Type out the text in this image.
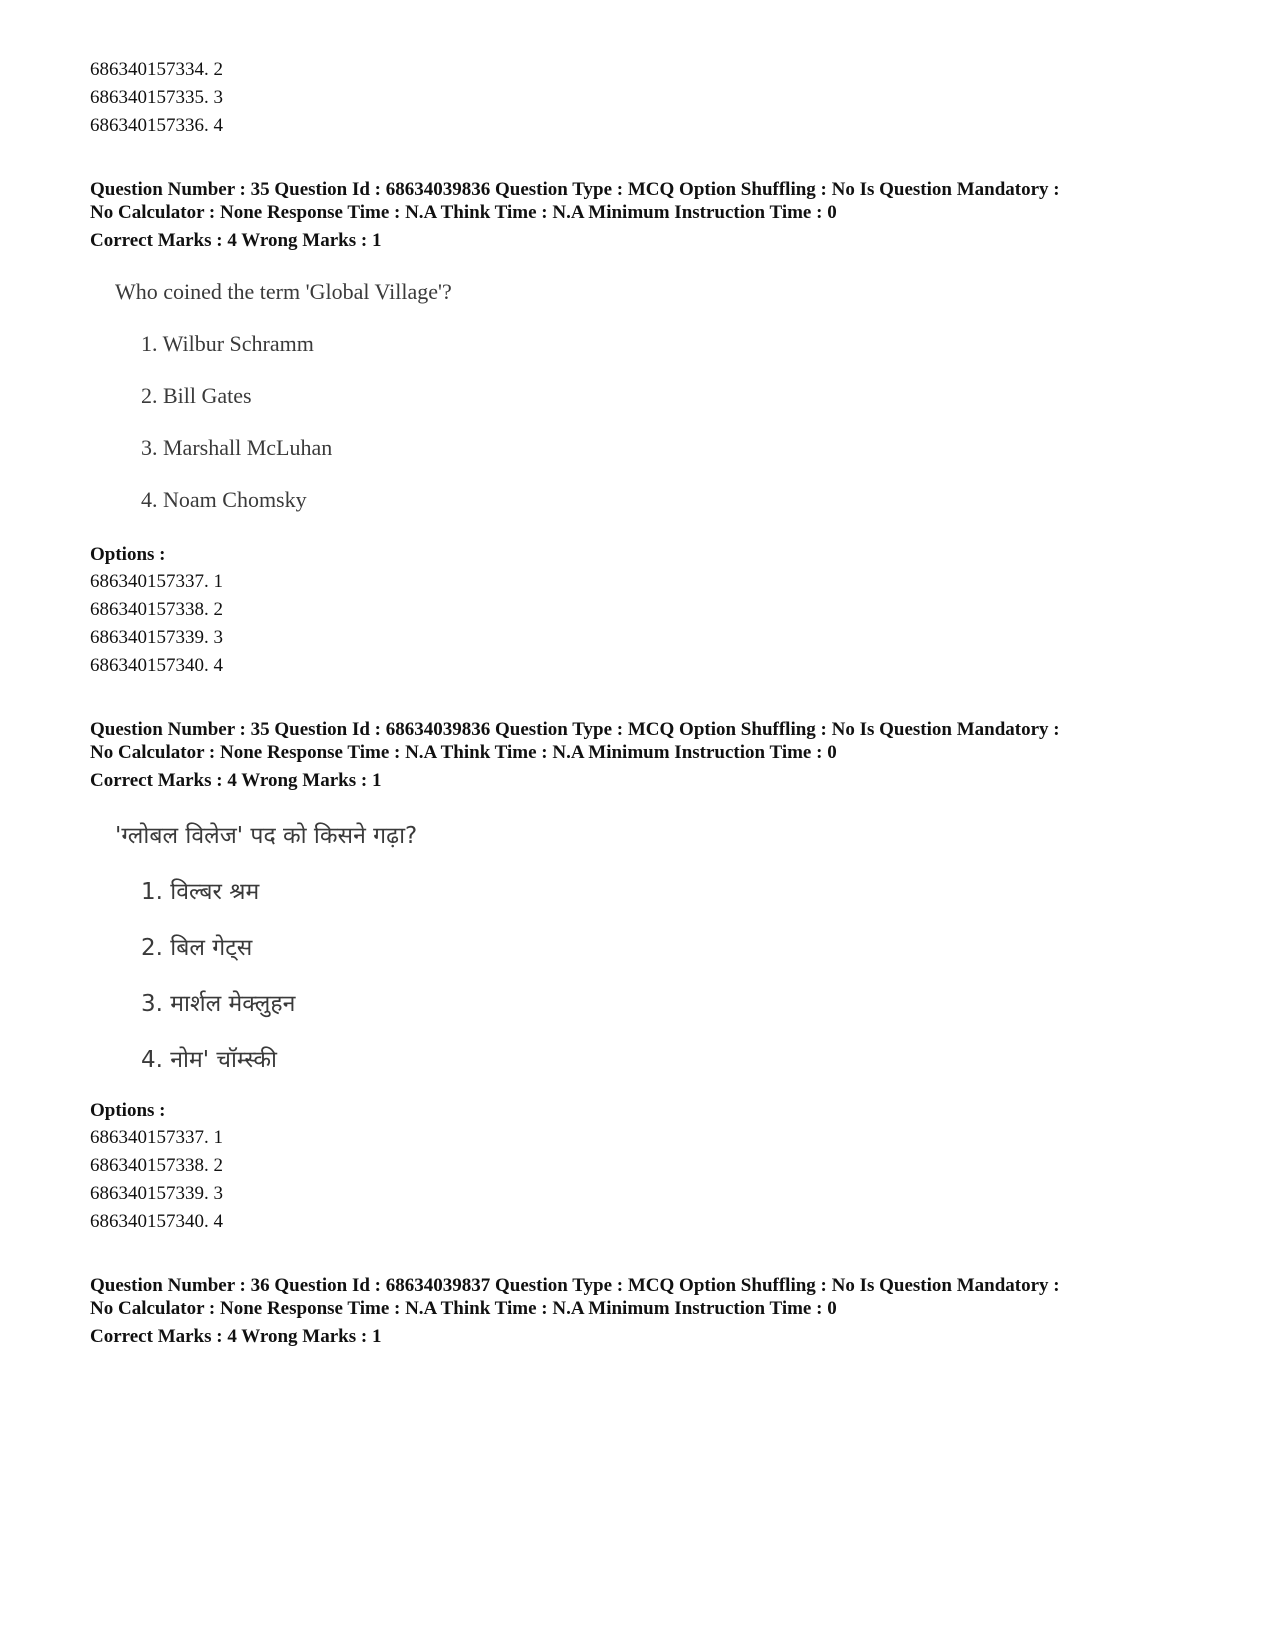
686340157334. 2
686340157335. 3
686340157336. 4
Question Number : 35 Question Id : 68634039836 Question Type : MCQ Option Shuffling : No Is Question Mandatory :
No Calculator : None Response Time : N.A Think Time : N.A Minimum Instruction Time : 0
Correct Marks : 4 Wrong Marks : 1
Who coined the term 'Global Village'?
1. Wilbur Schramm
2. Bill Gates
3. Marshall McLuhan
4. Noam Chomsky
Options :
686340157337. 1
686340157338. 2
686340157339. 3
686340157340. 4
Question Number : 35 Question Id : 68634039836 Question Type : MCQ Option Shuffling : No Is Question Mandatory :
No Calculator : None Response Time : N.A Think Time : N.A Minimum Instruction Time : 0
Correct Marks : 4 Wrong Marks : 1
'ग्लोबल विलेज' पद को किसने गढ़ा?
1. विल्बर श्रम
2. बिल गेट्स
3. मार्शल मेक्लुहन
4. नोम' चॉम्स्की
Options :
686340157337. 1
686340157338. 2
686340157339. 3
686340157340. 4
Question Number : 36 Question Id : 68634039837 Question Type : MCQ Option Shuffling : No Is Question Mandatory :
No Calculator : None Response Time : N.A Think Time : N.A Minimum Instruction Time : 0
Correct Marks : 4 Wrong Marks : 1
